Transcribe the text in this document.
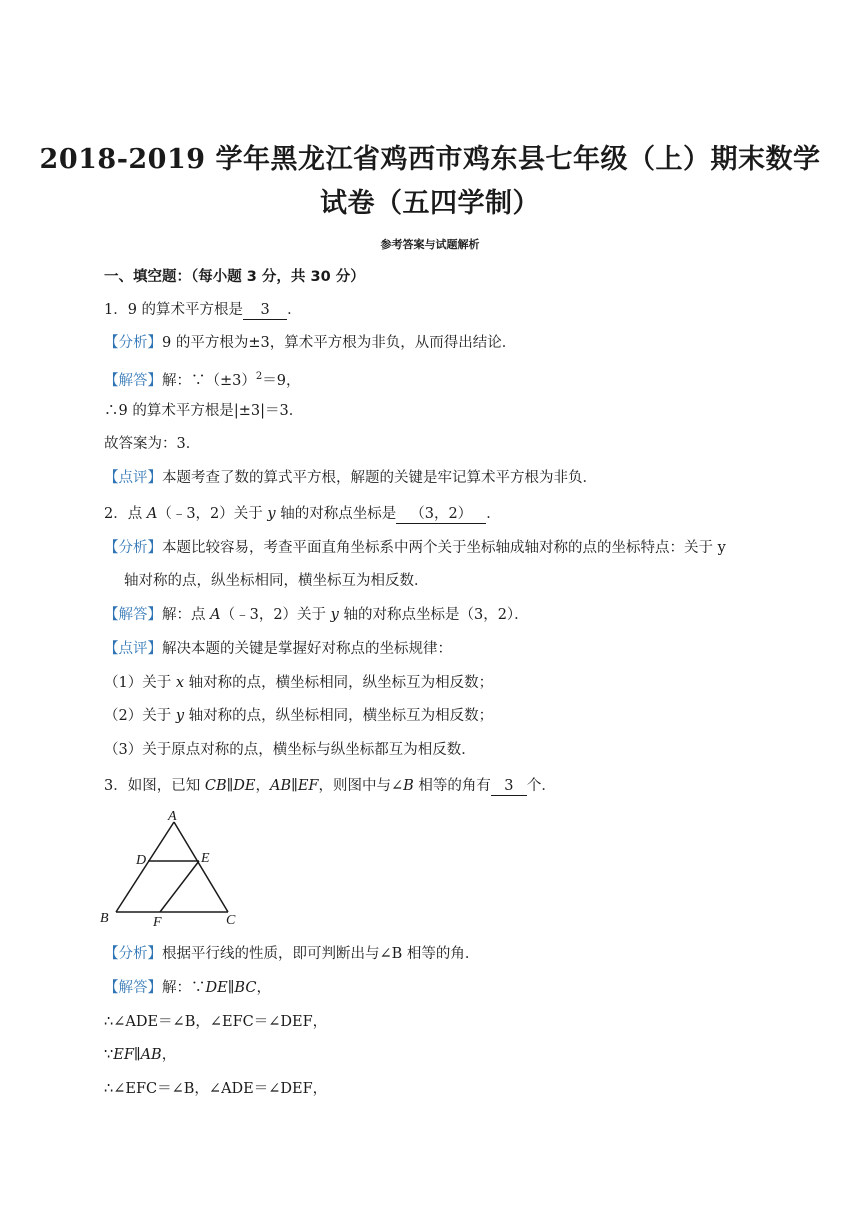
2018-2019 学年黑龙江省鸡西市鸡东县七年级（上）期末数学
试卷（五四学制）
参考答案与试题解析
一、填空题：（每小题 3 分，共 30 分）
1．9 的算术平方根是 3 ．
【分析】9 的平方根为±3，算术平方根为非负，从而得出结论．
【解答】解：$\because(\pm 3)^2=9$，
∴9 的算术平方根是|±3|＝3．
故答案为：3．
【点评】本题考查了数的算式平方根，解题的关键是牢记算术平方根为非负．
2．点 A（﹣3，2）关于 y 轴的对称点坐标是 （3，2） ．
【分析】本题比较容易，考查平面直角坐标系中两个关于坐标轴成轴对称的点的坐标特点：关于 y
轴对称的点，纵坐标相同，横坐标互为相反数．
【解答】解：点 A（﹣3，2）关于 y 轴的对称点坐标是（3，2）．
【点评】解决本题的关键是掌握好对称点的坐标规律：
（1）关于 x 轴对称的点，横坐标相同，纵坐标互为相反数；
（2）关于 y 轴对称的点，纵坐标相同，横坐标互为相反数；
（3）关于原点对称的点，横坐标与纵坐标都互为相反数．
3．如图，已知 CB∥DE，AB∥EF，则图中与∠B 相等的角有 3 个．
A
D	E
B	F	C
【分析】根据平行线的性质，即可判断出与∠B 相等的角．
【解答】解：∵DE∥BC，
∴∠ADE＝∠B，∠EFC＝∠DEF，
∵EF∥AB，
∴∠EFC＝∠B，∠ADE＝∠DEF，
